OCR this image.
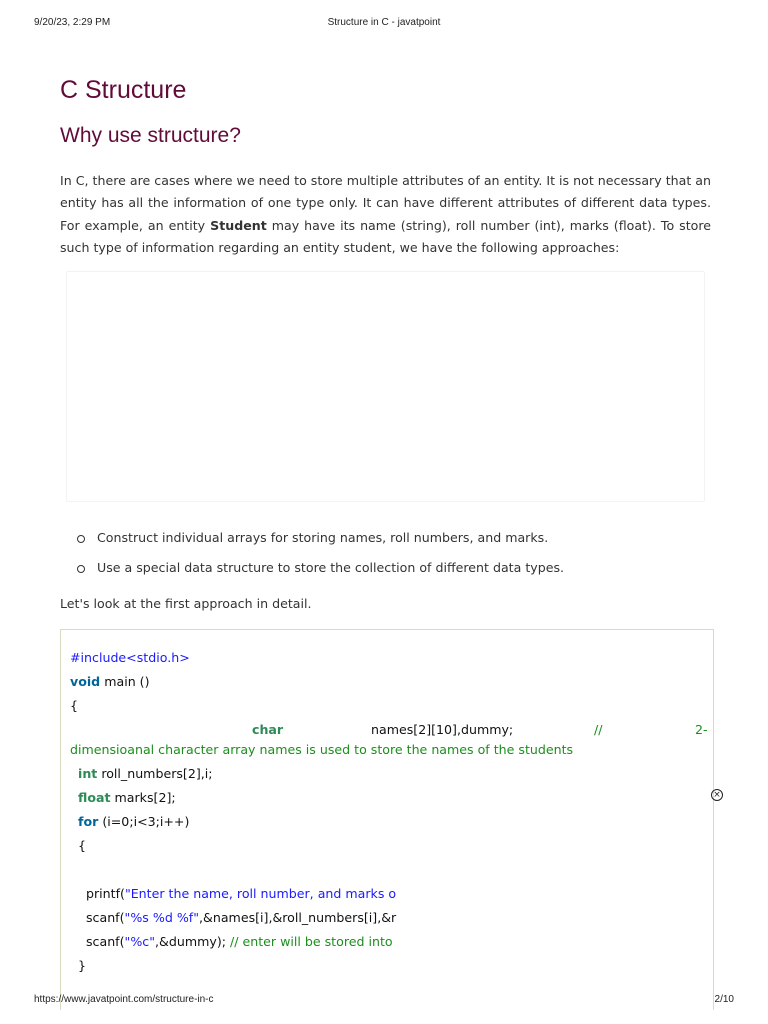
9/20/23, 2:29 PM	Structure in C - javatpoint
C Structure
Why use structure?

In C, there are cases where we need to store multiple attributes of an entity. It is not necessary that an entity has all the information of one type only. It can have different attributes of different data types. For example, an entity Student may have its name (string), roll number (int), marks (float). To store such type of information regarding an entity student, we have the following approaches:

Construct individual arrays for storing names, roll numbers, and marks.
Use a special data structure to store the collection of different data types.

Let's look at the first approach in detail.

#include<stdio.h>
void main ()
{
char	names[2][10],dummy;	//	2-
dimensioanal character array names is used to store the names of the students
int roll_numbers[2],i;
float marks[2];
for (i=0;i<3;i++)
{
printf("Enter the name, roll number, and marks o
scanf("%s %d %f",&names[i],&roll_numbers[i],&r
scanf("%c",&dummy); // enter will be stored into
}
×
https://www.javatpoint.com/structure-in-c	2/10
